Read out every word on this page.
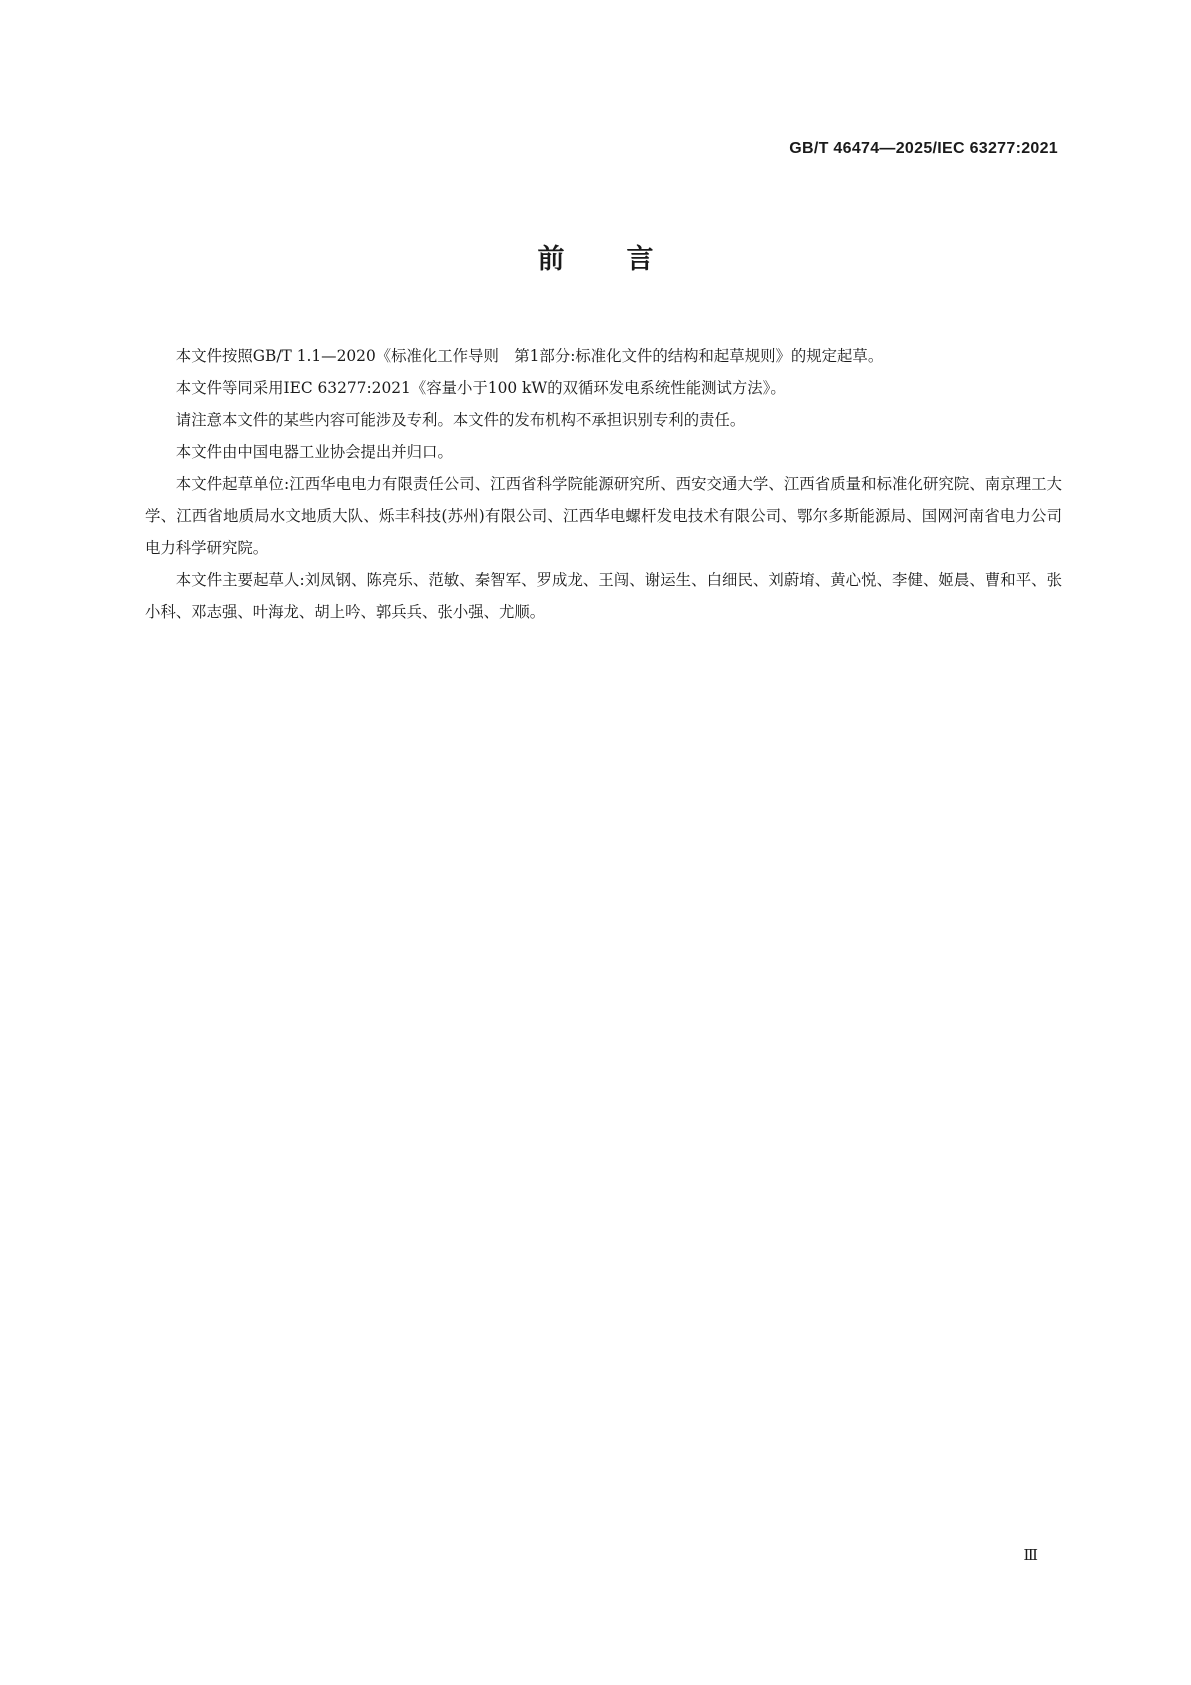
GB/T 46474—2025/IEC 63277:2021
前言

本文件按照GB/T 1.1—2020《标准化工作导则　第1部分:标准化文件的结构和起草规则》的规定起草。

本文件等同采用IEC 63277:2021《容量小于100 kW的双循环发电系统性能测试方法》。

请注意本文件的某些内容可能涉及专利。本文件的发布机构不承担识别专利的责任。

本文件由中国电器工业协会提出并归口。

本文件起草单位:江西华电电力有限责任公司、江西省科学院能源研究所、西安交通大学、江西省质量和标准化研究院、南京理工大学、江西省地质局水文地质大队、烁丰科技(苏州)有限公司、江西华电螺杆发电技术有限公司、鄂尔多斯能源局、国网河南省电力公司电力科学研究院。

本文件主要起草人:刘凤钢、陈亮乐、范敏、秦智军、罗成龙、王闯、谢运生、白细民、刘蔚堉、黄心悦、李健、姬晨、曹和平、张小科、邓志强、叶海龙、胡上吟、郭兵兵、张小强、尤顺。

Ⅲ
